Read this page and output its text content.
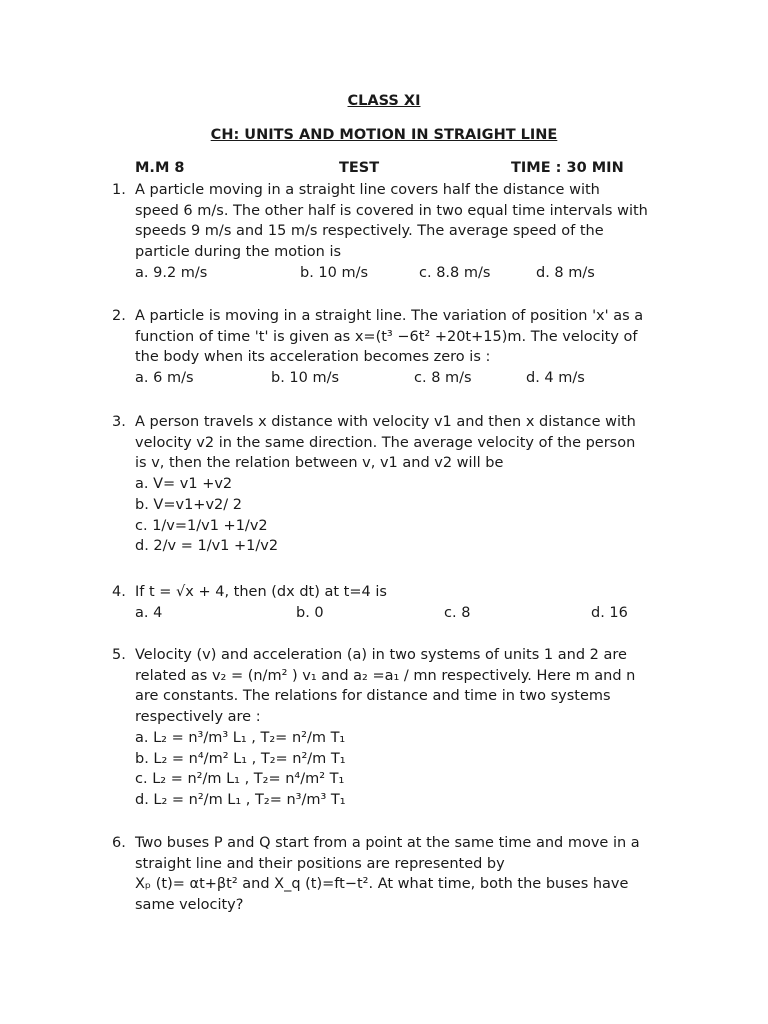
CLASS XI
CH: UNITS AND MOTION IN STRAIGHT LINE
M.M 8	TEST	TIME : 30 MIN
1. A particle moving in a straight line covers half the distance with
speed 6 m/s. The other half is covered in two equal time intervals with
speeds 9 m/s and 15 m/s respectively. The average speed of the
particle during the motion is
a. 9.2 m/s	b. 10 m/s	c. 8.8 m/s	d. 8 m/s
2. A particle is moving in a straight line. The variation of position 'x' as a
function of time 't' is given as x=(t³ −6t² +20t+15)m. The velocity of
the body when its acceleration becomes zero is :
a. 6 m/s	b. 10 m/s	c. 8 m/s	d. 4 m/s
3. A person travels x distance with velocity v1 and then x distance with
velocity v2 in the same direction. The average velocity of the person
is v, then the relation between v, v1 and v2 will be
a. V= v1 +v2
b. V=v1+v2/ 2
c. 1/v=1/v1 +1/v2
d. 2/v = 1/v1 +1/v2
4. If t = √x + 4, then (dx dt) at t=4 is
a. 4	b. 0	c. 8	d. 16
5. Velocity (v) and acceleration (a) in two systems of units 1 and 2 are
related as v₂ = (n/m² ) v₁ and a₂ =a₁ / mn respectively. Here m and n
are constants. The relations for distance and time in two systems
respectively are :
a. L₂ = n³/m³ L₁ , T₂= n²/m T₁
b. L₂ = n⁴/m² L₁ , T₂= n²/m T₁
c. L₂ = n²/m L₁ , T₂= n⁴/m² T₁
d. L₂ = n²/m L₁ , T₂= n³/m³ T₁
6. Two buses P and Q start from a point at the same time and move in a
straight line and their positions are represented by
Xₚ (t)= αt+βt² and X_q (t)=ft−t². At what time, both the buses have
same velocity?
